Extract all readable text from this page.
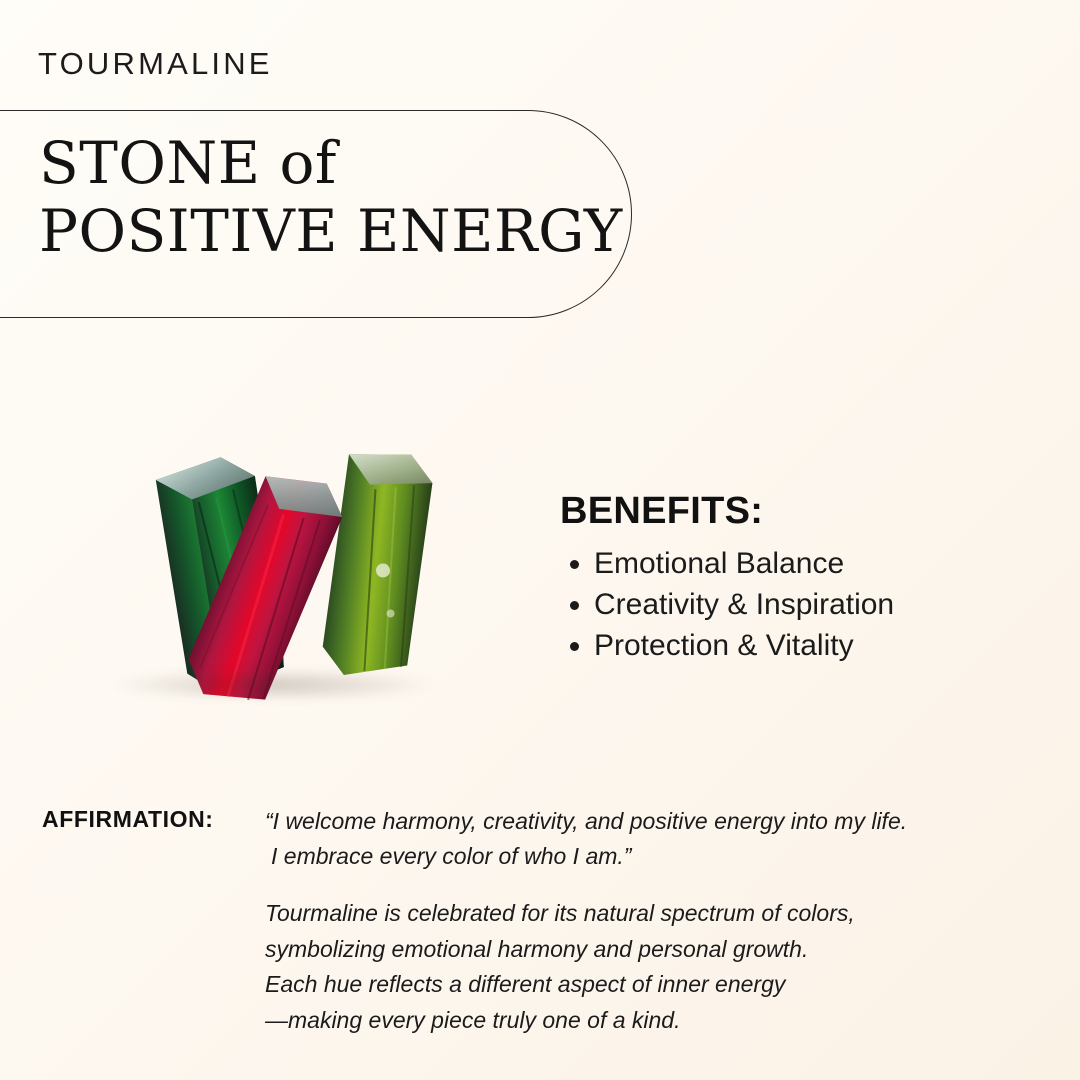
TOURMALINE
STONE of
POSITIVE ENERGY
BENEFITS:
• Emotional Balance
• Creativity & Inspiration
• Protection & Vitality
AFFIRMATION: “I welcome harmony, creativity, and positive energy into my life.
I embrace every color of who I am.”
Tourmaline is celebrated for its natural spectrum of colors,
symbolizing emotional harmony and personal growth.
Each hue reflects a different aspect of inner energy
—making every piece truly one of a kind.
